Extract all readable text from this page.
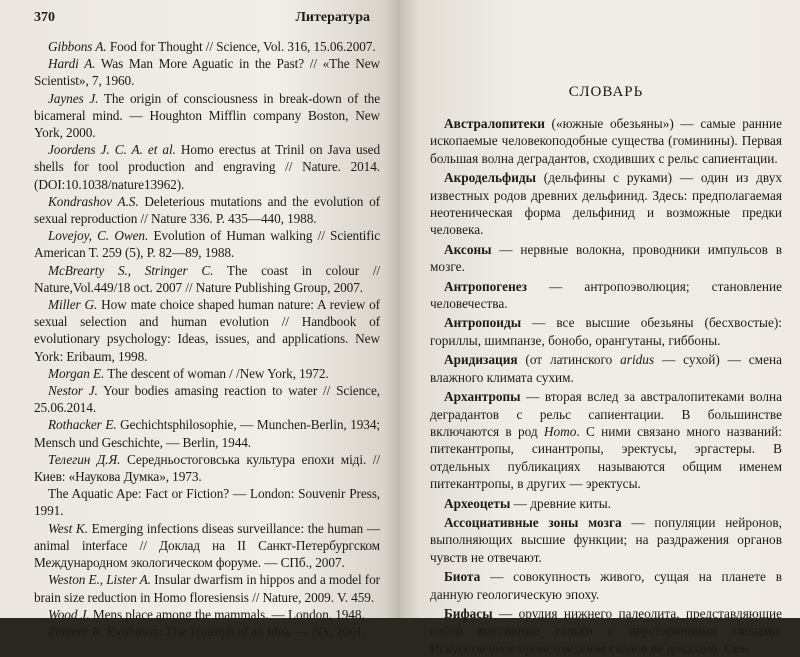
370	Литература
Gibbons A. Food for Thought // Science, Vol. 316, 15.06.2007.
Hardi A. Was Man More Aguatic in the Past? // «The New Scientist», 7, 1960.
Jaynes J. The origin of consciousness in break-down of the bicameral mind. — Houghton Mifflin company Boston, New York, 2000.
Joordens J. C. A. et al. Homo erectus at Trinil on Java used shells for tool production and engraving // Nature. 2014. (DOI:10.1038/nature13962).
Kondrashov A.S. Deleterious mutations and the evolution of sexual reproduction // Nature 336. P. 435—440, 1988.
Lovejoy, C. Owen. Evolution of Human walking // Scientific American T. 259 (5), P. 82—89, 1988.
McBrearty S., Stringer C. The coast in colour // Nature,Vol.449/18 oct. 2007 // Nature Publishing Group, 2007.
Miller G. How mate choice shaped human nature: A review of sexual selection and human evolution // Handbook of evolutionary psychology: Ideas, issues, and applications. New York: Eribaum, 1998.
Morgan E. The descent of woman / /New York, 1972.
Nestor J. Your bodies amasing reaction to water // Science, 25.06.2014.
Rothacker E. Gechichtsphilosophie, — Munchen-Berlin, 1934; Mensch und Geschichte, — Berlin, 1944.
Телегин Д.Я. Середньостоговська культура епохи міді. // Киев: «Наукова Думка», 1973.
The Aquatic Ape: Fact or Fiction? — London: Souvenir Press, 1991.
West K. Emerging infections diseas surveillance: the human — animal interface // Доклад на II Санкт-Петербургском Международном экологическом форуме. — СПб., 2007.
Weston E., Lister A. Insular dwarfism in hippos and a model for brain size reduction in Homo floresiensis // Nature, 2009. V. 459.
Wood J. Mens place among the mammals. — London, 1948.
Zimmer K. Evolution: The Triumph of an Idea. — NY, 2001.
СЛОВАРЬ

Австралопитеки («южные обезьяны») — самые ранние ископаемые человекоподобные существа (гоминины). Первая большая волна деградантов, сходивших с рельс сапиентации.

Акродельфиды (дельфины с руками) — один из двух известных родов древних дельфинид. Здесь: предполагаемая неотеническая форма дельфинид и возможные предки человека.

Аксоны — нервные волокна, проводники импульсов в мозге.

Антропогенез — антропоэволюция; становление человечества.

Антропоиды — все высшие обезьяны (бесхвостые): гориллы, шимпанзе, бонобо, орангутаны, гиббоны.

Аридизация (от латинского aridus — сухой) — смена влажного климата сухим.

Архантропы — вторая вслед за австралопитеками волна деградантов с рельс сапиентации. В большинстве включаются в род Homo. С ними связано много названий: питекантропы, синантропы, эректусы, эргастеры. В отдельных публикациях называются общим именем питекантропы, в других — эректусы.

Археоцеты — древние киты.

Ассоциативные зоны мозга — популяции нейронов, выполняющих высшие функции; на раздражения органов чувств не отвечают.

Биота — совокупность живого, сущая на планете в данную геологическую эпоху.

Бифасы — орудия нижнего палеолита, представляющие собой массивные гальки с двусторонними сколами. Искусственное происхождение сколов не доказано. Свя-
